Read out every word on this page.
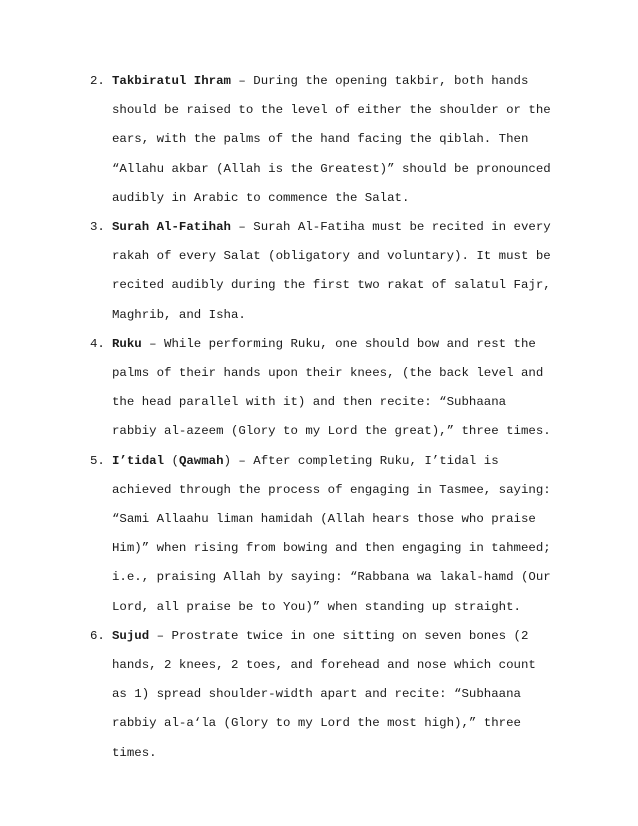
2. Takbiratul Ihram – During the opening takbir, both hands
should be raised to the level of either the shoulder or the
ears, with the palms of the hand facing the qiblah. Then
“Allahu akbar (Allah is the Greatest)” should be pronounced
audibly in Arabic to commence the Salat.
3. Surah Al-Fatihah – Surah Al-Fatiha must be recited in every
rakah of every Salat (obligatory and voluntary). It must be
recited audibly during the first two rakat of salatul Fajr,
Maghrib, and Isha.
4. Ruku – While performing Ruku, one should bow and rest the
palms of their hands upon their knees, (the back level and
the head parallel with it) and then recite: “Subhaana
rabbiy al-azeem (Glory to my Lord the great),” three times.
5. I’tidal (Qawmah) – After completing Ruku, I’tidal is
achieved through the process of engaging in Tasmee, saying:
“Sami Allaahu liman hamidah (Allah hears those who praise
Him)” when rising from bowing and then engaging in tahmeed;
i.e., praising Allah by saying: “Rabbana wa lakal-hamd (Our
Lord, all praise be to You)” when standing up straight.
6. Sujud – Prostrate twice in one sitting on seven bones (2
hands, 2 knees, 2 toes, and forehead and nose which count
as 1) spread shoulder-width apart and recite: “Subhaana
rabbiy al-a‘la (Glory to my Lord the most high),” three
times.
